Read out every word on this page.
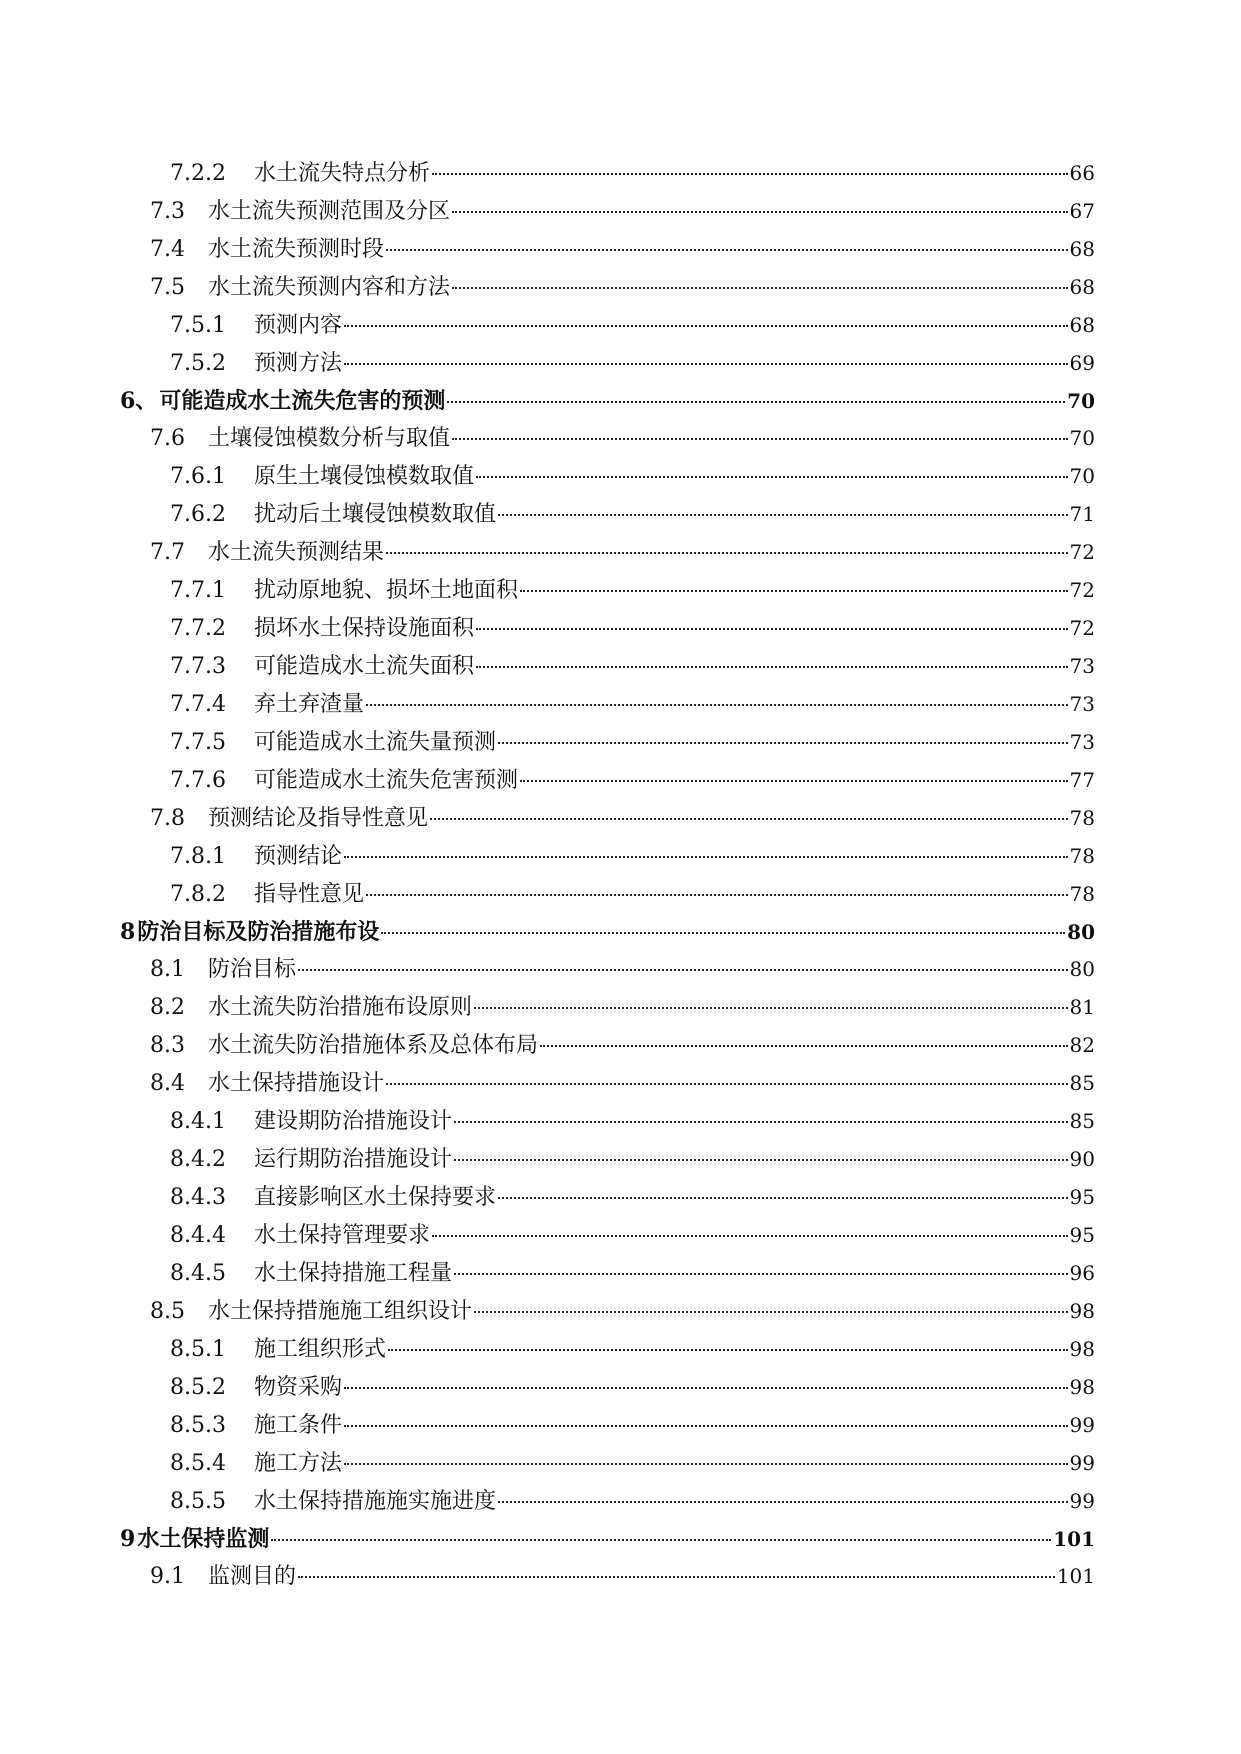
7.2.2	水土流失特点分析	66
7.3	水土流失预测范围及分区	67
7.4	水土流失预测时段	68
7.5	水土流失预测内容和方法	68
7.5.1	预测内容	68
7.5.2	预测方法	69
6、 可能造成水土流失危害的预测	70
7.6	土壤侵蚀模数分析与取值	70
7.6.1	原生土壤侵蚀模数取值	70
7.6.2	扰动后土壤侵蚀模数取值	71
7.7	水土流失预测结果	72
7.7.1	扰动原地貌、损坏土地面积	72
7.7.2	损坏水土保持设施面积	72
7.7.3	可能造成水土流失面积	73
7.7.4	弃土弃渣量	73
7.7.5	可能造成水土流失量预测	73
7.7.6	可能造成水土流失危害预测	77
7.8	预测结论及指导性意见	78
7.8.1	预测结论	78
7.8.2	指导性意见	78
8 防治目标及防治措施布设	80
8.1	防治目标	80
8.2	水土流失防治措施布设原则	81
8.3	水土流失防治措施体系及总体布局	82
8.4	水土保持措施设计	85
8.4.1	建设期防治措施设计	85
8.4.2	运行期防治措施设计	90
8.4.3	直接影响区水土保持要求	95
8.4.4	水土保持管理要求	95
8.4.5	水土保持措施工程量	96
8.5	水土保持措施施工组织设计	98
8.5.1	施工组织形式	98
8.5.2	物资采购	98
8.5.3	施工条件	99
8.5.4	施工方法	99
8.5.5	水土保持措施施实施进度	99
9 水土保持监测	101
9.1	监测目的	101
